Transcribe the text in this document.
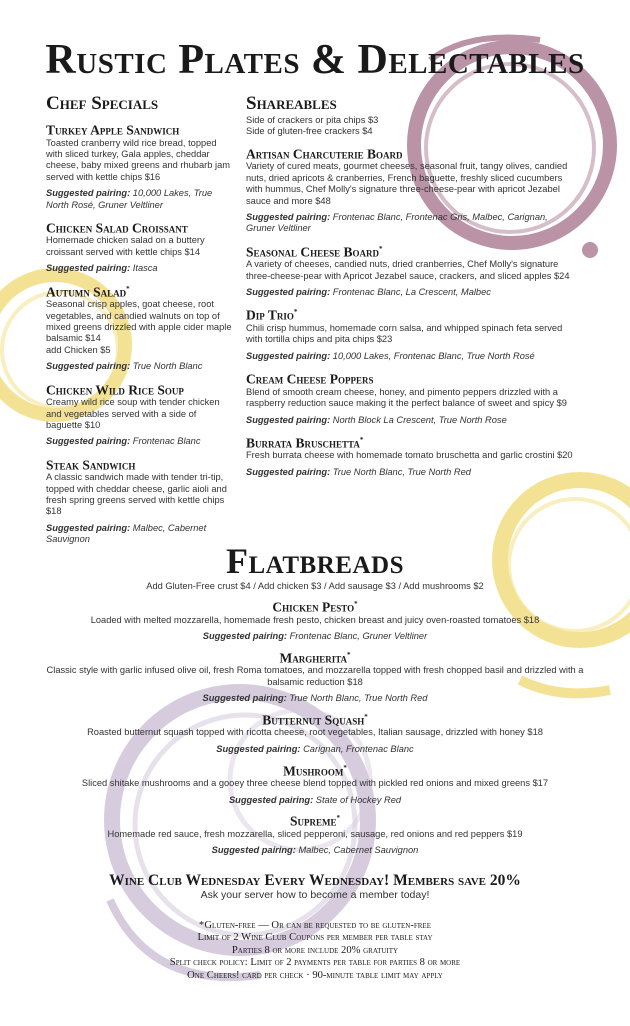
Rustic Plates & Delectables
Chef Specials
Turkey Apple Sandwich
Toasted cranberry wild rice bread, topped with sliced turkey, Gala apples, cheddar cheese, baby mixed greens and rhubarb jam served with kettle chips $16
Suggested pairing: 10,000 Lakes, True North Rosé, Gruner Veltliner
Chicken Salad Croissant
Homemade chicken salad on a buttery croissant served with kettle chips $14
Suggested pairing: Itasca
Autumn Salad*
Seasonal crisp apples, goat cheese, root vegetables, and candied walnuts on top of mixed greens drizzled with apple cider maple balsamic $14
add Chicken $5
Suggested pairing: True North Blanc
Chicken Wild Rice Soup
Creamy wild rice soup with tender chicken and vegetables served with a side of baguette $10
Suggested pairing: Frontenac Blanc
Steak Sandwich
A classic sandwich made with tender tri-tip, topped with cheddar cheese, garlic aioli and fresh spring greens served with kettle chips $18
Suggested pairing: Malbec, Cabernet Sauvignon
Shareables
Side of crackers or pita chips $3
Side of gluten-free crackers $4
Artisan Charcuterie Board
Variety of cured meats, gourmet cheeses, seasonal fruit, tangy olives, candied nuts, dried apricots & cranberries, French baguette, freshly sliced cucumbers with hummus, Chef Molly's signature three-cheese-pear with apricot Jezabel sauce and more $48
Suggested pairing: Frontenac Blanc, Frontenac Gris, Malbec, Carignan, Gruner Veltliner
Seasonal Cheese Board*
A variety of cheeses, candied nuts, dried cranberries, Chef Molly's signature three-cheese-pear with Apricot Jezabel sauce, crackers, and sliced apples $24
Suggested pairing: Frontenac Blanc, La Crescent, Malbec
Dip Trio*
Chili crisp hummus, homemade corn salsa, and whipped spinach feta served with tortilla chips and pita chips $23
Suggested pairing: 10,000 Lakes, Frontenac Blanc, True North Rosé
Cream Cheese Poppers
Blend of smooth cream cheese, honey, and pimento peppers drizzled with a raspberry reduction sauce making it the perfect balance of sweet and spicy $9
Suggested pairing: North Block La Crescent, True North Rose
Burrata Bruschetta*
Fresh burrata cheese with homemade tomato bruschetta and garlic crostini $20
Suggested pairing: True North Blanc, True North Red
Flatbreads
Add Gluten-Free crust $4 / Add chicken $3 / Add sausage $3 / Add mushrooms $2
Chicken Pesto*
Loaded with melted mozzarella, homemade fresh pesto, chicken breast and juicy oven-roasted tomatoes $18
Suggested pairing: Frontenac Blanc, Gruner Veltliner
Margherita*
Classic style with garlic infused olive oil, fresh Roma tomatoes, and mozzarella topped with fresh chopped basil and drizzled with a balsamic reduction $18
Suggested pairing: True North Blanc, True North Red
Butternut Squash*
Roasted butternut squash topped with ricotta cheese, root vegetables, Italian sausage, drizzled with honey $18
Suggested pairing: Carignan, Frontenac Blanc
Mushroom*
Sliced shitake mushrooms and a gooey three cheese blend topped with pickled red onions and mixed greens $17
Suggested pairing: State of Hockey Red
Supreme*
Homemade red sauce, fresh mozzarella, sliced pepperoni, sausage, red onions and red peppers $19
Suggested pairing: Malbec, Cabernet Sauvignon
Wine Club Wednesday Every Wednesday! Members save 20%
Ask your server how to become a member today!
*Gluten-free — Or can be requested to be gluten-free
Limit of 2 Wine Club Coupons per member per table stay
Parties 8 or more include 20% gratuity
Split check policy: Limit of 2 payments per table for parties 8 or more
One Cheers! card per check · 90-minute table limit may apply
